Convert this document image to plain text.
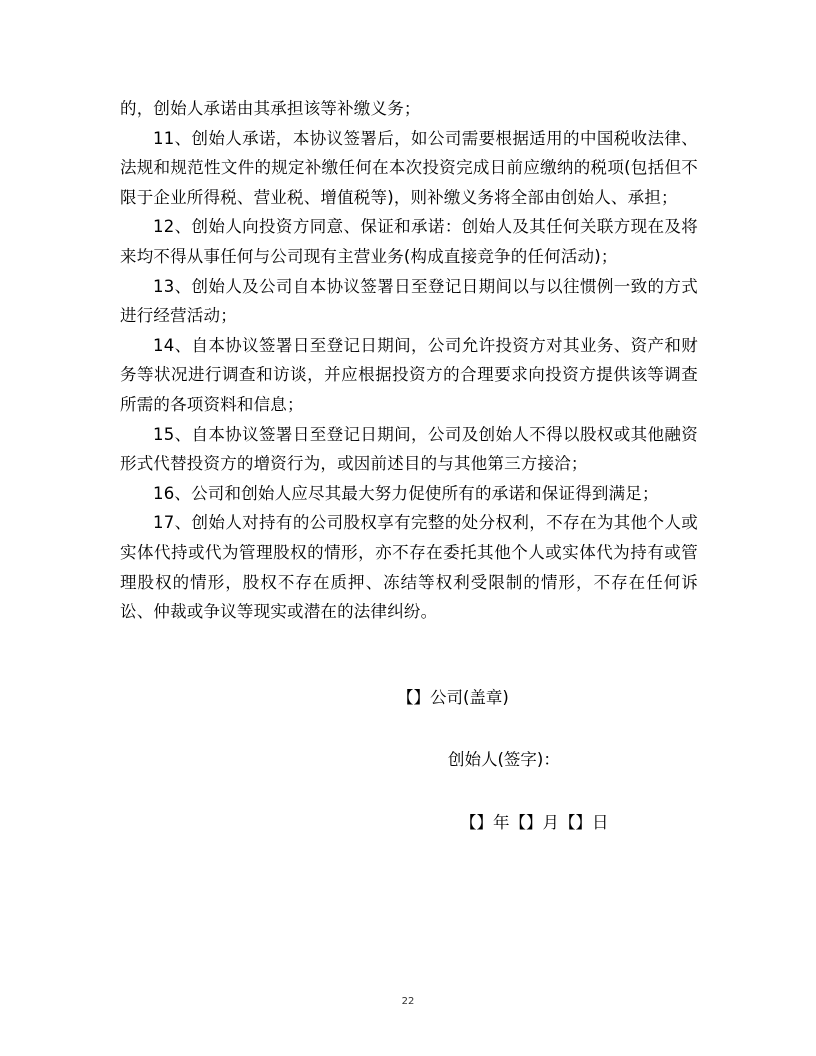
的，创始人承诺由其承担该等补缴义务；

11、创始人承诺，本协议签署后，如公司需要根据适用的中国税收法律、法规和规范性文件的规定补缴任何在本次投资完成日前应缴纳的税项(包括但不限于企业所得税、营业税、增值税等)，则补缴义务将全部由创始人、承担；

12、创始人向投资方同意、保证和承诺：创始人及其任何关联方现在及将来均不得从事任何与公司现有主营业务(构成直接竞争的任何活动)；

13、创始人及公司自本协议签署日至登记日期间以与以往惯例一致的方式进行经营活动；

14、自本协议签署日至登记日期间，公司允许投资方对其业务、资产和财务等状况进行调查和访谈，并应根据投资方的合理要求向投资方提供该等调查所需的各项资料和信息；

15、自本协议签署日至登记日期间，公司及创始人不得以股权或其他融资形式代替投资方的增资行为，或因前述目的与其他第三方接洽；

16、公司和创始人应尽其最大努力促使所有的承诺和保证得到满足；

17、创始人对持有的公司股权享有完整的处分权利，不存在为其他个人或实体代持或代为管理股权的情形，亦不存在委托其他个人或实体代为持有或管理股权的情形，股权不存在质押、冻结等权利受限制的情形，不存在任何诉讼、仲裁或争议等现实或潜在的法律纠纷。

【】公司(盖章)
创始人(签字)：
【】年【】月【】日
22
